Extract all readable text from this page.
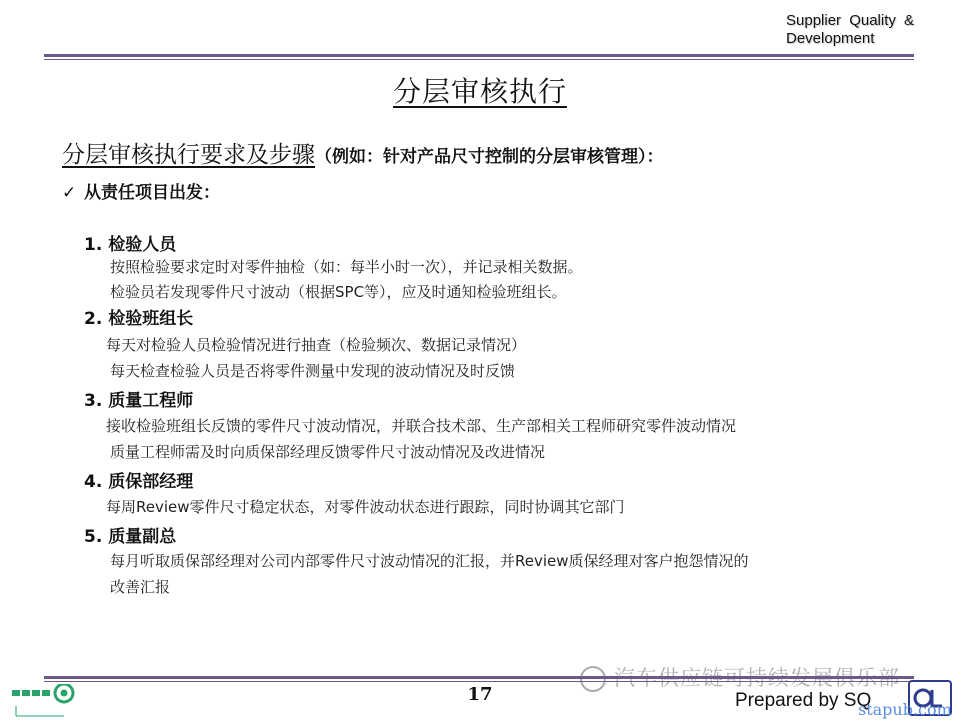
Supplier Quality &
Development
分层审核执行
分层审核执行要求及步骤（例如：针对产品尺寸控制的分层审核管理）：
✓ 从责任项目出发：
1. 检验人员
按照检验要求定时对零件抽检（如：每半小时一次），并记录相关数据。
检验员若发现零件尺寸波动（根据SPC等），应及时通知检验班组长。
2. 检验班组长
每天对检验人员检验情况进行抽查（检验频次、数据记录情况）
每天检查检验人员是否将零件测量中发现的波动情况及时反馈
3. 质量工程师
接收检验班组长反馈的零件尺寸波动情况，并联合技术部、生产部相关工程师研究零件波动情况
质量工程师需及时向质保部经理反馈零件尺寸波动情况及改进情况
4. 质保部经理
每周Review零件尺寸稳定状态，对零件波动状态进行跟踪，同时协调其它部门
5. 质量副总
每月听取质保部经理对公司内部零件尺寸波动情况的汇报，并Review质保经理对客户抱怨情况的
改善汇报
汽车供应链可持续发展俱乐部
17	Prepared by SQ
stapub.com
